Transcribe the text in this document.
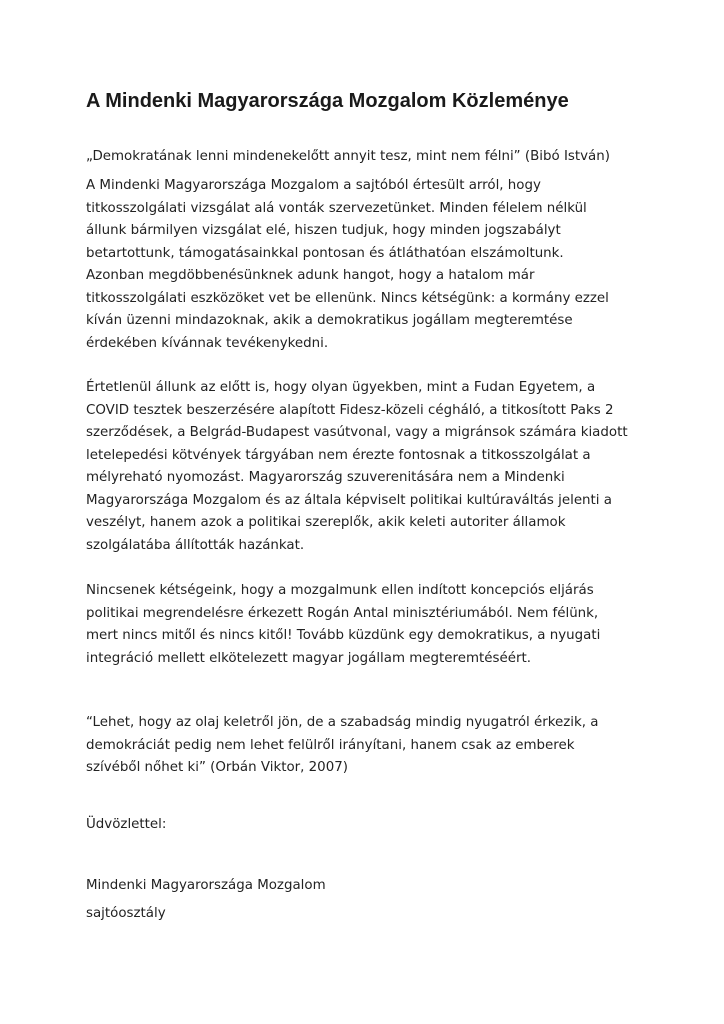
A Mindenki Magyarországa Mozgalom Közleménye

„Demokratának lenni mindenekelőtt annyit tesz, mint nem félni” (Bibó István)

A Mindenki Magyarországa Mozgalom a sajtóból értesült arról, hogy
titkosszolgálati vizsgálat alá vonták szervezetünket. Minden félelem nélkül
állunk bármilyen vizsgálat elé, hiszen tudjuk, hogy minden jogszabályt
betartottunk, támogatásainkkal pontosan és átláthatóan elszámoltunk.
Azonban megdöbbenésünknek adunk hangot, hogy a hatalom már
titkosszolgálati eszközöket vet be ellenünk. Nincs kétségünk: a kormány ezzel
kíván üzenni mindazoknak, akik a demokratikus jogállam megteremtése
érdekében kívánnak tevékenykedni.

Értetlenül állunk az előtt is, hogy olyan ügyekben, mint a Fudan Egyetem, a
COVID tesztek beszerzésére alapított Fidesz-közeli cégháló, a titkosított Paks 2
szerződések, a Belgrád-Budapest vasútvonal, vagy a migránsok számára kiadott
letelepedési kötvények tárgyában nem érezte fontosnak a titkosszolgálat a
mélyreható nyomozást. Magyarország szuverenitására nem a Mindenki
Magyarországa Mozgalom és az általa képviselt politikai kultúraváltás jelenti a
veszélyt, hanem azok a politikai szereplők, akik keleti autoriter államok
szolgálatába állították hazánkat.

Nincsenek kétségeink, hogy a mozgalmunk ellen indított koncepciós eljárás
politikai megrendelésre érkezett Rogán Antal minisztériumából. Nem félünk,
mert nincs mitől és nincs kitől! Tovább küzdünk egy demokratikus, a nyugati
integráció mellett elkötelezett magyar jogállam megteremtéséért.

“Lehet, hogy az olaj keletről jön, de a szabadság mindig nyugatról érkezik, a
demokráciát pedig nem lehet felülről irányítani, hanem csak az emberek
szívéből nőhet ki” (Orbán Viktor, 2007)

Üdvözlettel:

Mindenki Magyarországa Mozgalom

sajtóosztály
